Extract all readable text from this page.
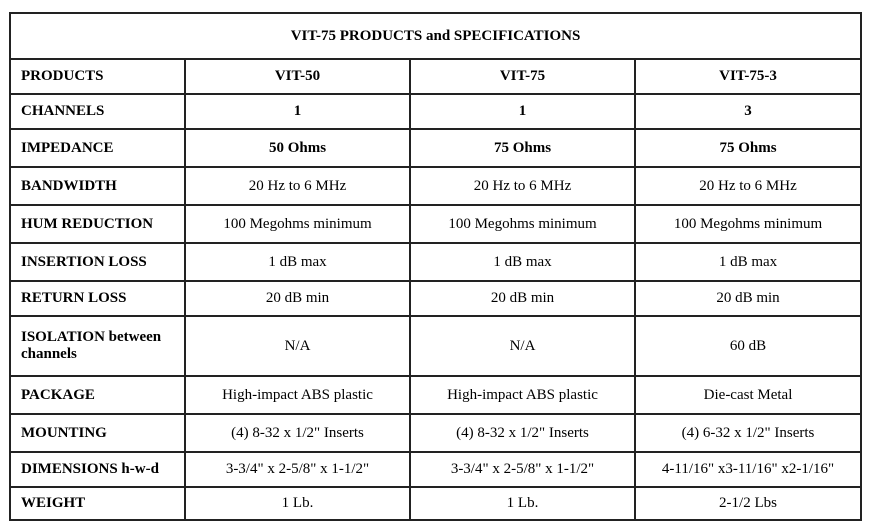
VIT-75 PRODUCTS and SPECIFICATIONS			
PRODUCTS	VIT-50	VIT-75	VIT-75-3
CHANNELS	1	1	3
IMPEDANCE	50 Ohms	75 Ohms	75 Ohms
BANDWIDTH	20 Hz to 6 MHz	20 Hz to 6 MHz	20 Hz to 6 MHz
HUM REDUCTION	100 Megohms minimum	100 Megohms minimum	100 Megohms minimum
INSERTION LOSS	1 dB max	1 dB max	1 dB max
RETURN LOSS	20 dB min	20 dB min	20 dB min
ISOLATION between channels	N/A	N/A	60 dB
PACKAGE	High-impact ABS plastic	High-impact ABS plastic	Die-cast Metal
MOUNTING	(4) 8-32 x 1/2" Inserts	(4) 8-32 x 1/2" Inserts	(4) 6-32 x 1/2" Inserts
DIMENSIONS h-w-d	3-3/4" x 2-5/8" x 1-1/2"	3-3/4" x 2-5/8" x 1-1/2"	4-11/16" x3-11/16" x2-1/16"
WEIGHT	1 Lb.	1 Lb.	2-1/2 Lbs
